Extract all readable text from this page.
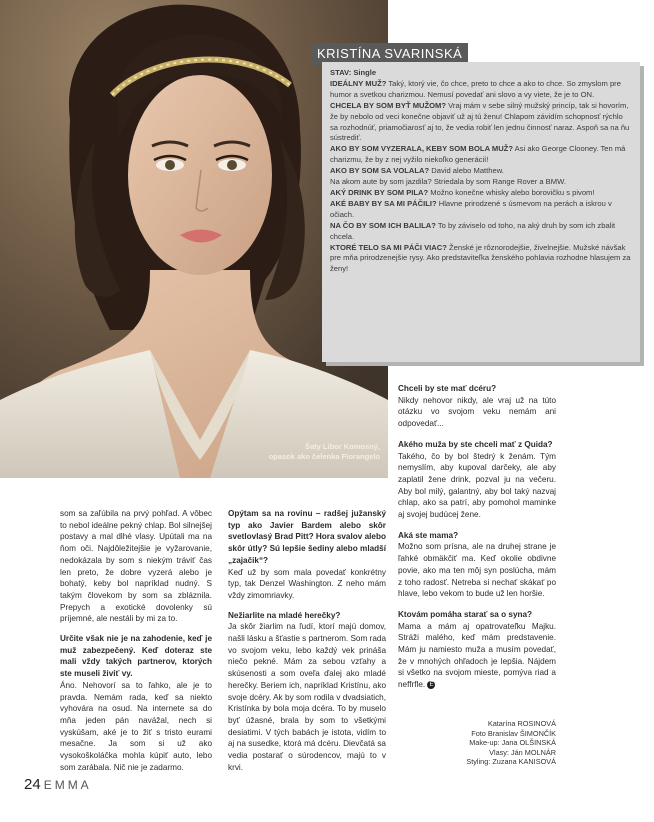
Šaty Libor Komosný,

opasok ako čelenka Fiorangelo

KRISTÍNA SVARINSKÁ

STAV: Single

IDEÁLNY MUŽ? Taký, ktorý vie, čo chce, preto to chce a ako to chce. So zmyslom pre humor a svetkou charizmou. Nemusí povedať ani slovo a vy viete, že je to ON.

CHCELA BY SOM BYŤ MUŽOM? Vraj mám v sebe silný mužský princíp, tak si hovorím, že by nebolo od veci konečne objaviť už aj tú ženu! Chlapom závidím schopnosť rýchlo sa rozhodnúť, priamočiarosť aj to, že vedia robiť len jednu činnosť naraz. Aspoň sa na ňu sústrediť.

AKO BY SOM VYZERALA, KEBY SOM BOLA MUŽ? Asi ako George Clooney. Ten má charizmu, že by z nej vyžilo niekoľko generácií!

AKO BY SOM SA VOLALA? David alebo Matthew.

Na akom aute by som jazdila? Striedala by som Range Rover a BMW.

AKÝ DRINK BY SOM PILA? Možno konečne whisky alebo borovičku s pivom!

AKÉ BABY BY SA MI PÁČILI? Hlavne prirodzené s úsmevom na perách a iskrou v očiach.

NA ČO BY SOM ICH BALILA? To by záviselo od toho, na aký druh by som ich zbalit chcela.

KTORÉ TELO SA MI PÁČI VIAC? Ženské je rôznorodejšie, živelnejšie. Mužské návšak pre mňa prirodzenejšie rysy. Ako predstaviteľka ženského pohlavia rozhodne hlasujem za ženy!

som sa zaľúbila na prvý pohľad. A vôbec to nebol ideálne pekný chlap. Bol silnejšej postavy a mal dlhé vlasy. Upútali ma na ňom oči. Najdôležitejšie je vyžarovanie, nedokázala by som s niekým tráviť čas len preto, že dobre vyzerá alebo je bohatý, keby bol napríklad nudný. S takým človekom by som sa zbláznila. Prepych a exotické dovolenky sú príjemné, ale nestáli by mi za to.

Určite však nie je na zahodenie, keď je muž zabezpečený. Keď doteraz ste mali vždy takých partnerov, ktorých ste museli živiť vy.
Áno. Nehovorí sa to ľahko, ale je to pravda. Nemám rada, keď sa niekto vyhovára na osud. Na internete sa do mňa jeden pán navážal, nech si vyskúšam, aké je to žiť s tristo eurami mesačne. Ja som si už ako vysokoškoláčka mohla kúpiť auto, lebo som zarábala. Nič nie je zadarmo.

Opýtam sa na rovinu – radšej južanský typ ako Javier Bardem alebo skôr svetlovlasý Brad Pitt? Hora svalov alebo skôr útly? Sú lepšie šediny alebo mladší „zajačik“?
Keď už by som mala povedať konkrétny typ, tak Denzel Washington. Z neho mám vždy zimomriavky.

Nežiarlite na mladé herečky?
Ja skôr žiarlim na ľudí, ktorí majú domov, našli lásku a šťastie s partnerom. Som rada vo svojom veku, lebo každý vek prináša niečo pekné. Mám za sebou vzťahy a skúsenosti a som oveľa ďalej ako mladé herečky. Beriem ich, napríklad Kristínu, ako svoje dcéry. Ak by som rodila v dvadsiatich, Kristínka by bola moja dcéra. To by muselo byť úžasné, brala by som to všetkými desiatimi. V tých babách je istota, vidím to aj na susedke, ktorá má dcéru. Dievčatá sa vedia postarať o súrodencov, majú to v krvi.

Chceli by ste mať dcéru?
Nikdy nehovor nikdy, ale vraj už na túto otázku vo svojom veku nemám ani odpovedať...

Akého muža by ste chceli mať z Quida?
Takého, čo by bol štedrý k ženám. Tým nemyslím, aby kupoval darčeky, ale aby zaplatil žene drink, pozval ju na večeru. Aby bol milý, galantný, aby bol taký nazvaj chlap, ako sa patrí, aby pomohol maminke aj svojej budúcej žene.

Aká ste mama?
Možno som prísna, ale na druhej strane je ľahké obmäkčiť ma. Keď okolie obdivne povie, ako ma ten môj syn poslúcha, mám z toho radosť. Netreba si nechať skákať po hlave, lebo vekom to bude už len horšie.

Ktovám pomáha starať sa o syna?
Mama a mám aj opatrovateľku Majku. Stráži malého, keď mám predstavenie. Mám ju namiesto muža a musím povedať, že v mnohých ohľadoch je lepšia. Nájdem si všetko na svojom mieste, pomýva riad a neffrfle. E

Katarína ROSINOVÁ
Foto Branislav ŠIMONČÍK
Make-up: Jana OLŠINSKÁ
Vlasy: Ján MOLNÁR
Styling: Zuzana KANISOVÁ
24 EMMA
